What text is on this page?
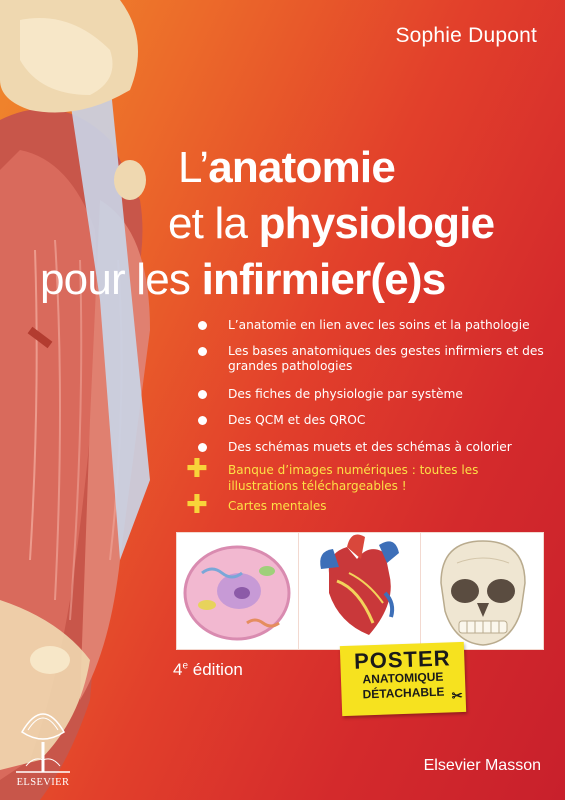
Sophie Dupont
L’anatomie
et la physiologie
pour les infirmier(e)s
L’anatomie en lien avec les soins et la pathologie
Les bases anatomiques des gestes infirmiers et des grandes pathologies
Des fiches de physiologie par système
Des QCM et des QROC
Des schémas muets et des schémas à colorier
✚ Banque d’images numériques : toutes les illustrations téléchargeables !
✚ Cartes mentales
4e édition	POSTER
ANATOMIQUE
DÉTACHABLE ✂
ELSEVIER
Elsevier Masson
